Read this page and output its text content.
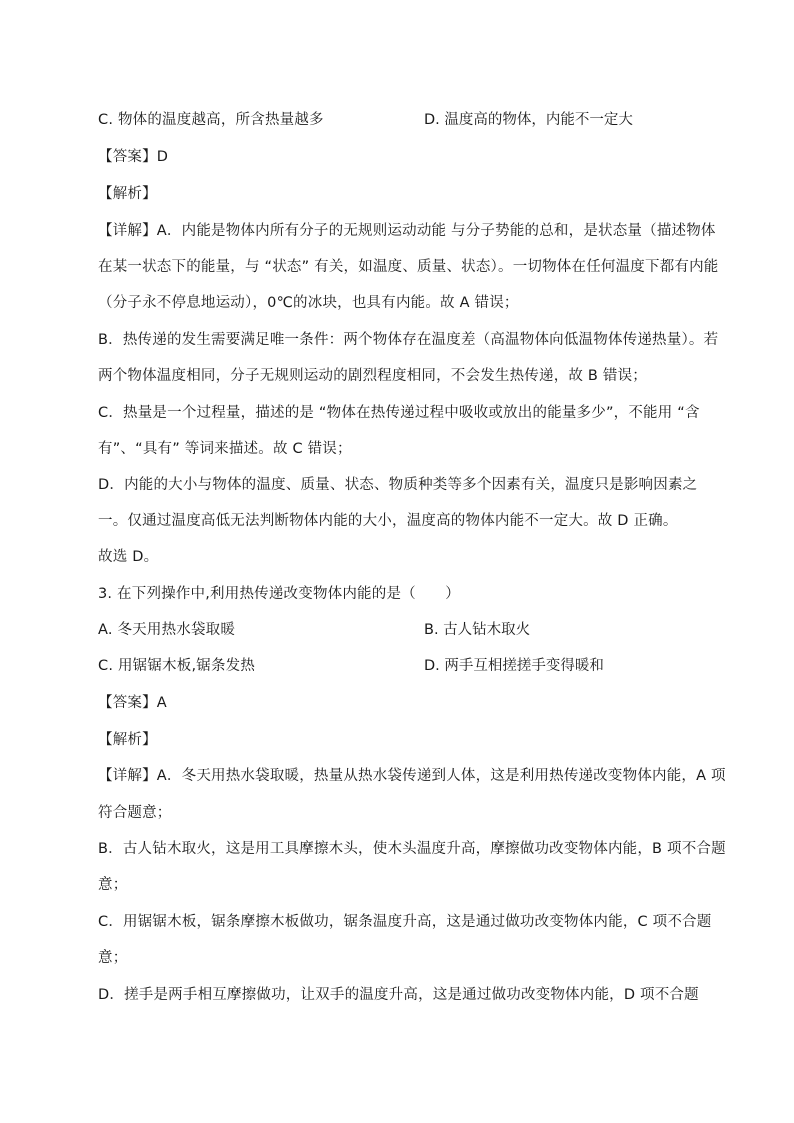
C. 物体的温度越高，所含热量越多	D. 温度高的物体，内能不一定大
【答案】D
【解析】
【详解】A．内能是物体内所有分子的无规则运动动能 与分子势能的总和，是状态量（描述物体
在某一状态下的能量，与 “状态” 有关，如温度、质量、状态）。一切物体在任何温度下都有内能
（分子永不停息地运动），0℃的冰块，也具有内能。故 A 错误；
B．热传递的发生需要满足唯一条件：两个物体存在温度差（高温物体向低温物体传递热量）。若
两个物体温度相同，分子无规则运动的剧烈程度相同，不会发生热传递，故 B 错误；
C．热量是一个过程量，描述的是 “物体在热传递过程中吸收或放出的能量多少”，不能用 “含
有”、“具有” 等词来描述。故 C 错误；
D．内能的大小与物体的温度、质量、状态、物质种类等多个因素有关，温度只是影响因素之
一。仅通过温度高低无法判断物体内能的大小，温度高的物体内能不一定大。故 D 正确。
故选 D。
3. 在下列操作中,利用热传递改变物体内能的是（　　）
A. 冬天用热水袋取暖	B. 古人钻木取火
C. 用锯锯木板,锯条发热	D. 两手互相搓搓手变得暖和
【答案】A
【解析】
【详解】A．冬天用热水袋取暖，热量从热水袋传递到人体，这是利用热传递改变物体内能，A 项
符合题意；
B．古人钻木取火，这是用工具摩擦木头，使木头温度升高，摩擦做功改变物体内能，B 项不合题
意；
C．用锯锯木板，锯条摩擦木板做功，锯条温度升高，这是通过做功改变物体内能，C 项不合题
意；
D．搓手是两手相互摩擦做功，让双手的温度升高，这是通过做功改变物体内能，D 项不合题
